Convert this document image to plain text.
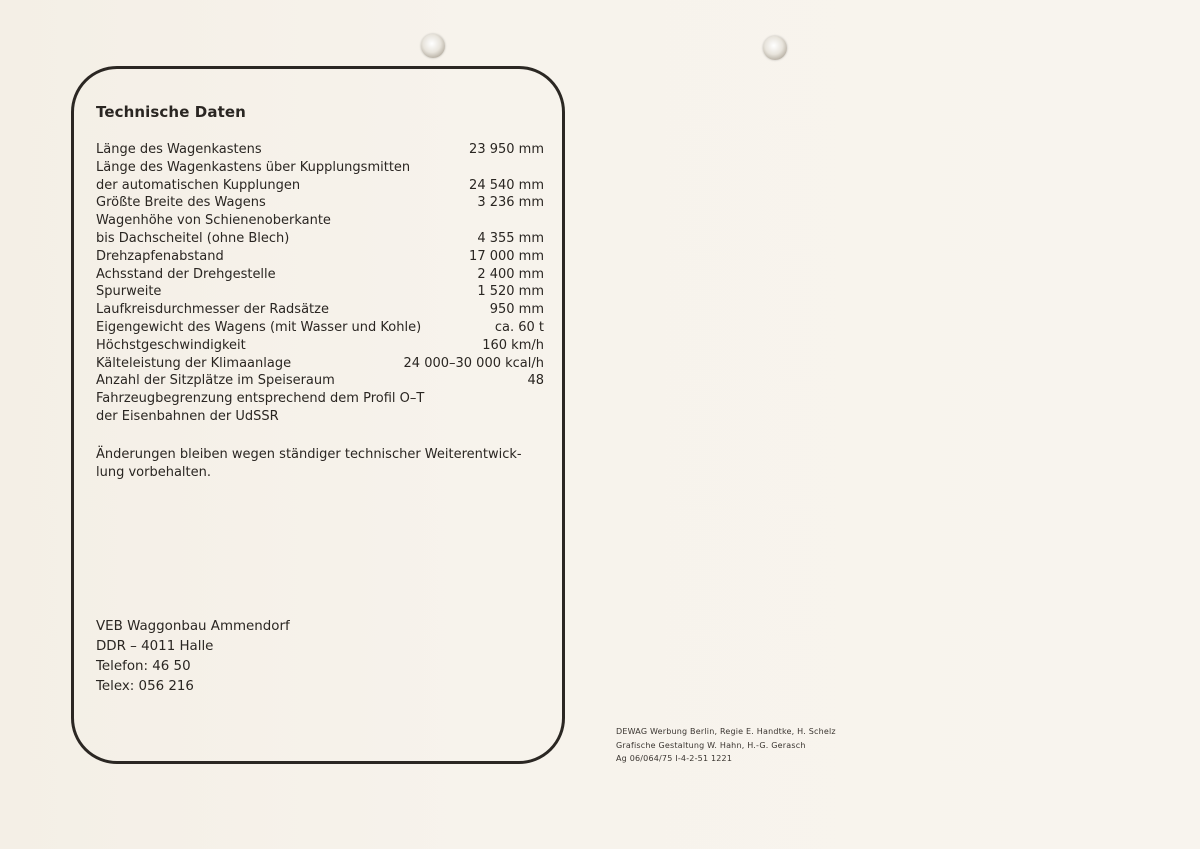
Technische Daten
Länge des Wagenkastens	23 950 mm
Länge des Wagenkastens über Kupplungsmitten
der automatischen Kupplungen	24 540 mm
Größte Breite des Wagens	3 236 mm
Wagenhöhe von Schienenoberkante
bis Dachscheitel (ohne Blech)	4 355 mm
Drehzapfenabstand	17 000 mm
Achsstand der Drehgestelle	2 400 mm
Spurweite	1 520 mm
Laufkreisdurchmesser der Radsätze	950 mm
Eigengewicht des Wagens (mit Wasser und Kohle)	ca. 60 t
Höchstgeschwindigkeit	160 km/h
Kälteleistung der Klimaanlage	24 000–30 000 kcal/h
Anzahl der Sitzplätze im Speiseraum	48
Fahrzeugbegrenzung entsprechend dem Profil O–T
der Eisenbahnen der UdSSR
Änderungen bleiben wegen ständiger technischer Weiterentwick-
lung vorbehalten.
VEB Waggonbau Ammendorf
DDR – 4011 Halle
Telefon: 46 50
Telex: 056 216
DEWAG Werbung Berlin, Regie E. Handtke, H. Schelz
Grafische Gestaltung W. Hahn, H.-G. Gerasch
Ag 06/064/75 I-4-2-51 1221
